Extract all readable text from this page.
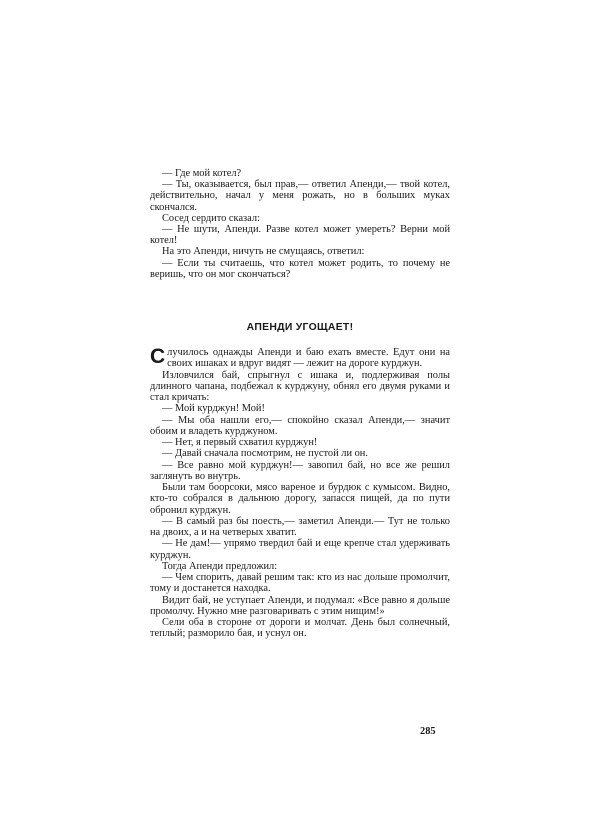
— Где мой котел?

— Ты, оказывается, был прав,— ответил Апенди,— твой котел, действительно, начал у меня рожать, но в больших муках скончался.

Сосед сердито сказал:

— Не шути, Апенди. Разве котел может умереть? Верни мой котел!

На это Апенди, ничуть не смущаясь, ответил:

— Если ты считаешь, что котел может родить, то почему не веришь, что он мог скончаться?

АПЕНДИ УГОЩАЕТ!

Случилось однажды Апенди и баю ехать вместе. Едут они на своих ишаках и вдруг видят — лежит на дороге курджун.

Изловчился бай, спрыгнул с ишака и, подлерживая полы длинного чапана, подбежал к курджуну, обнял его двумя руками и стал кричать:

— Мой курджун! Мой!

— Мы оба нашли его,— спокойно сказал Апенди,— значит обоим и владеть курджуном.

— Нет, я первый схватил курджун!

— Давай сначала посмотрим, не пустой ли он.

— Все равно мой курджун!— завопил бай, но все же решил заглянуть во внутрь.

Были там боорсоки, мясо вареное и бурдюк с кумысом. Видно, кто-то собрался в дальнюю дорогу, запасся пищей, да по пути обронил курджун.

— В самый раз бы поесть,— заметил Апенди.— Тут не только на двоих, а и на четверых хватит.

— Не дам!— упрямо твердил бай и еще крепче стал удерживать курджун.

Тогда Апенди предложил:

— Чем спорить, давай решим так: кто из нас дольше промолчит, тому и достанется находка.

Видит бай, не уступает Апенди, и подумал: «Все равно я дольше промолчу. Нужно мне разговаривать с этим нищим!»

Сели оба в стороне от дороги и молчат. День был солнечный, теплый; разморило бая, и уснул он.

285
